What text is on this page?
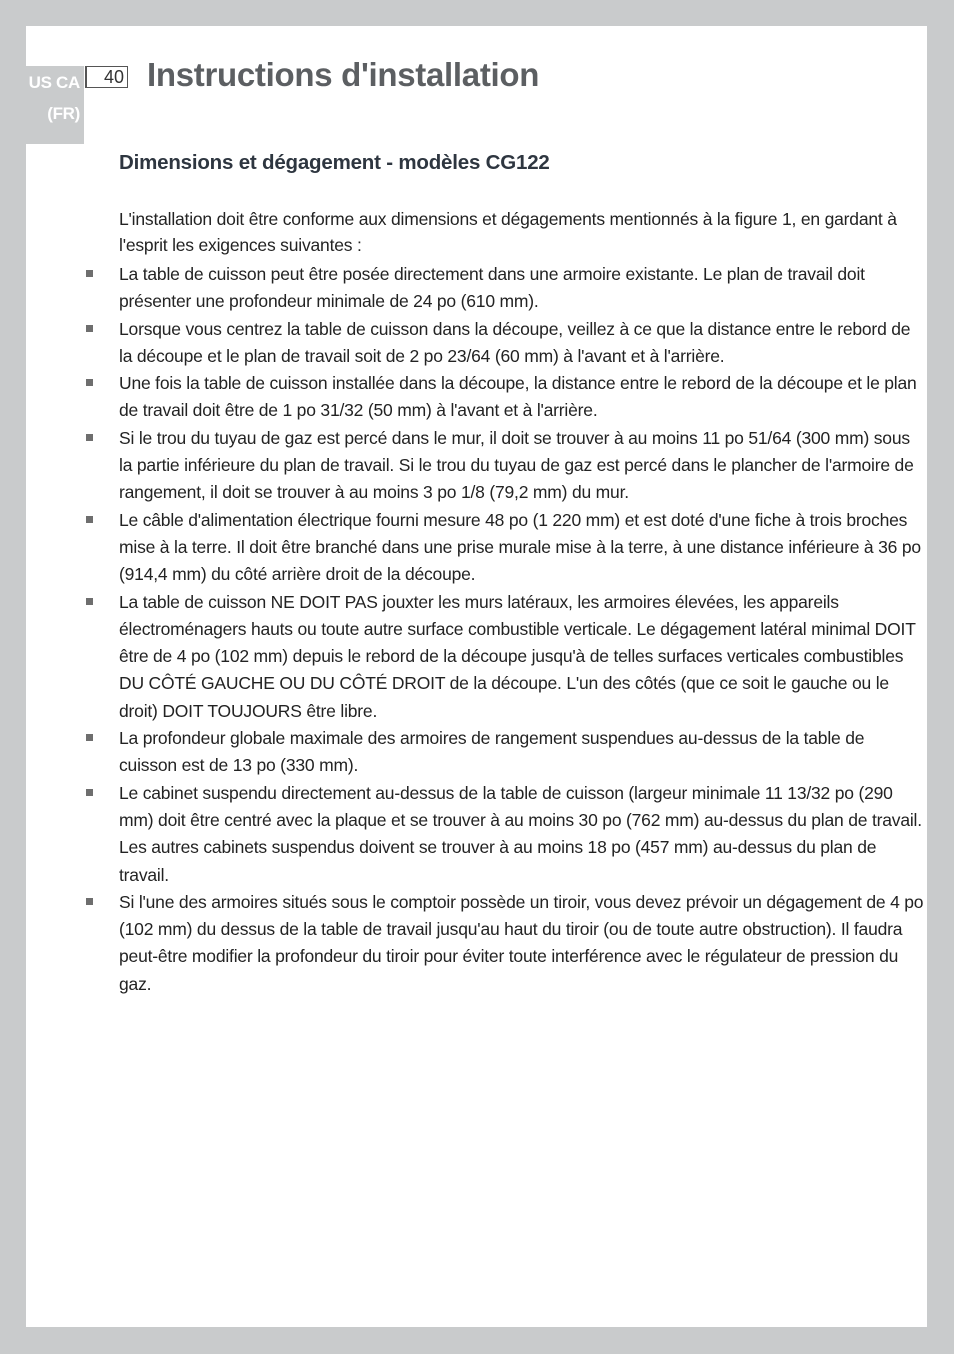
US CA
(FR)
40 Instructions d'installation
Dimensions et dégagement - modèles CG122

L'installation doit être conforme aux dimensions et dégagements mentionnés à la figure 1, en gardant à l'esprit les exigences suivantes :

La table de cuisson peut être posée directement dans une armoire existante. Le plan de travail doit présenter une profondeur minimale de 24 po (610 mm).
Lorsque vous centrez la table de cuisson dans la découpe, veillez à ce que la distance entre le rebord de la découpe et le plan de travail soit de 2 po 23/64 (60 mm) à l'avant et à l'arrière.
Une fois la table de cuisson installée dans la découpe, la distance entre le rebord de la découpe et le plan de travail doit être de 1 po 31/32 (50 mm) à l'avant et à l'arrière.
Si le trou du tuyau de gaz est percé dans le mur, il doit se trouver à au moins 11 po 51/64 (300 mm) sous la partie inférieure du plan de travail. Si le trou du tuyau de gaz est percé dans le plancher de l'armoire de rangement, il doit se trouver à au moins 3 po 1/8 (79,2 mm) du mur.
Le câble d'alimentation électrique fourni mesure 48 po (1 220 mm) et est doté d'une fiche à trois broches mise à la terre. Il doit être branché dans une prise murale mise à la terre, à une distance inférieure à 36 po (914,4 mm) du côté arrière droit de la découpe.
La table de cuisson NE DOIT PAS jouxter les murs latéraux, les armoires élevées, les appareils électroménagers hauts ou toute autre surface combustible verticale. Le dégagement latéral minimal DOIT être de 4 po (102 mm) depuis le rebord de la découpe jusqu'à de telles surfaces verticales combustibles DU CÔTÉ GAUCHE OU DU CÔTÉ DROIT de la découpe. L'un des côtés (que ce soit le gauche ou le droit) DOIT TOUJOURS être libre.
La profondeur globale maximale des armoires de rangement suspendues au-dessus de la table de cuisson est de 13 po (330 mm).
Le cabinet suspendu directement au-dessus de la table de cuisson (largeur minimale 11 13/32 po (290 mm) doit être centré avec la plaque et se trouver à au moins 30 po (762 mm) au-dessus du plan de travail. Les autres cabinets suspendus doivent se trouver à au moins 18 po (457 mm) au-dessus du plan de travail.
Si l'une des armoires situés sous le comptoir possède un tiroir, vous devez prévoir un dégagement de 4 po (102 mm) du dessus de la table de travail jusqu'au haut du tiroir (ou de toute autre obstruction). Il faudra peut-être modifier la profondeur du tiroir pour éviter toute interférence avec le régulateur de pression du gaz.
